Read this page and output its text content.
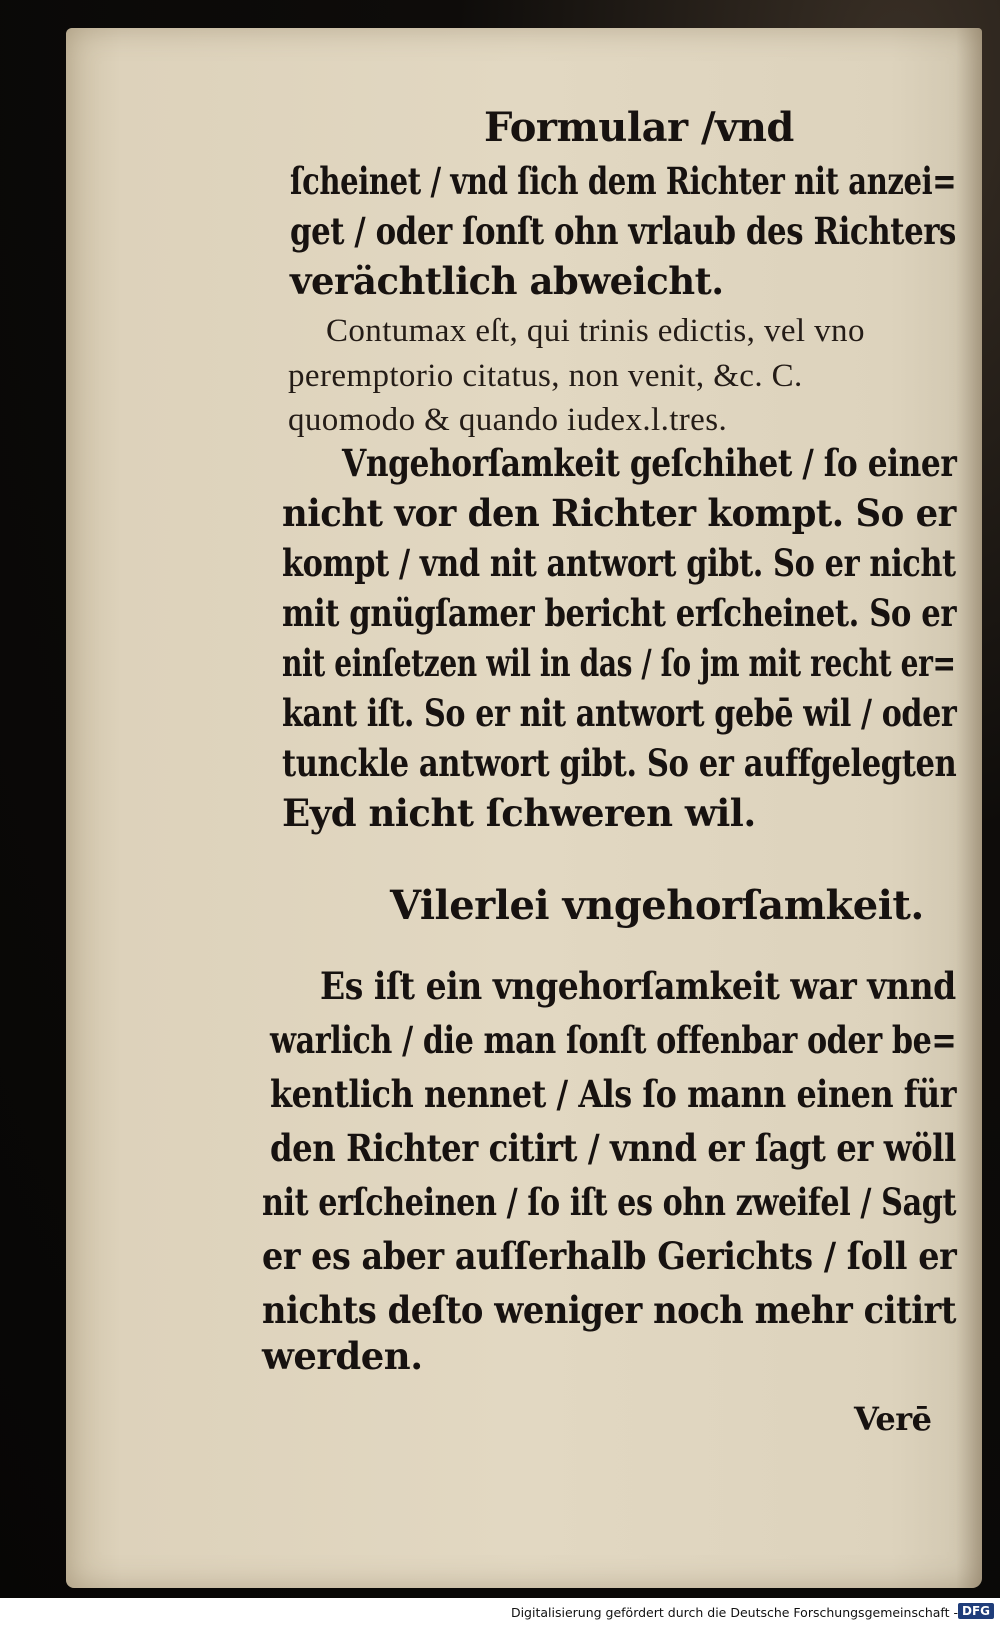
Formular /vnd
ſcheinet / vnd ſich dem Richter nit anzei=
get / oder ſonſt ohn vrlaub des Richters
verächtlich abweicht.
Contumax eſt, qui trinis edictis, vel vno
peremptorio citatus, non venit, &c. C.
quomodo & quando iudex.l.tres.
Vngehorſamkeit geſchihet / ſo einer
nicht vor den Richter kompt. So er
kompt / vnd nit antwort gibt. So er nicht
mit gnügſamer bericht erſcheinet. So er
nit einſetzen wil in das / ſo jm mit recht er=
kant iſt. So er nit antwort gebē wil / oder
tunckle antwort gibt. So er auffgelegten
Eyd nicht ſchweren wil.
Vilerlei vngehorſamkeit.
Es iſt ein vngehorſamkeit war vnnd
warlich / die man ſonſt offenbar oder be=
kentlich nennet / Als ſo mann einen für
den Richter citirt / vnnd er ſagt er wöll
nit erſcheinen / ſo iſt es ohn zweifel / Sagt
er es aber auſſerhalb Gerichts / ſoll er
nichts deſto weniger noch mehr citirt
werden.
Verē
Digitalisierung gefördert durch die Deutsche Forschungsgemeinschaft - DFG
